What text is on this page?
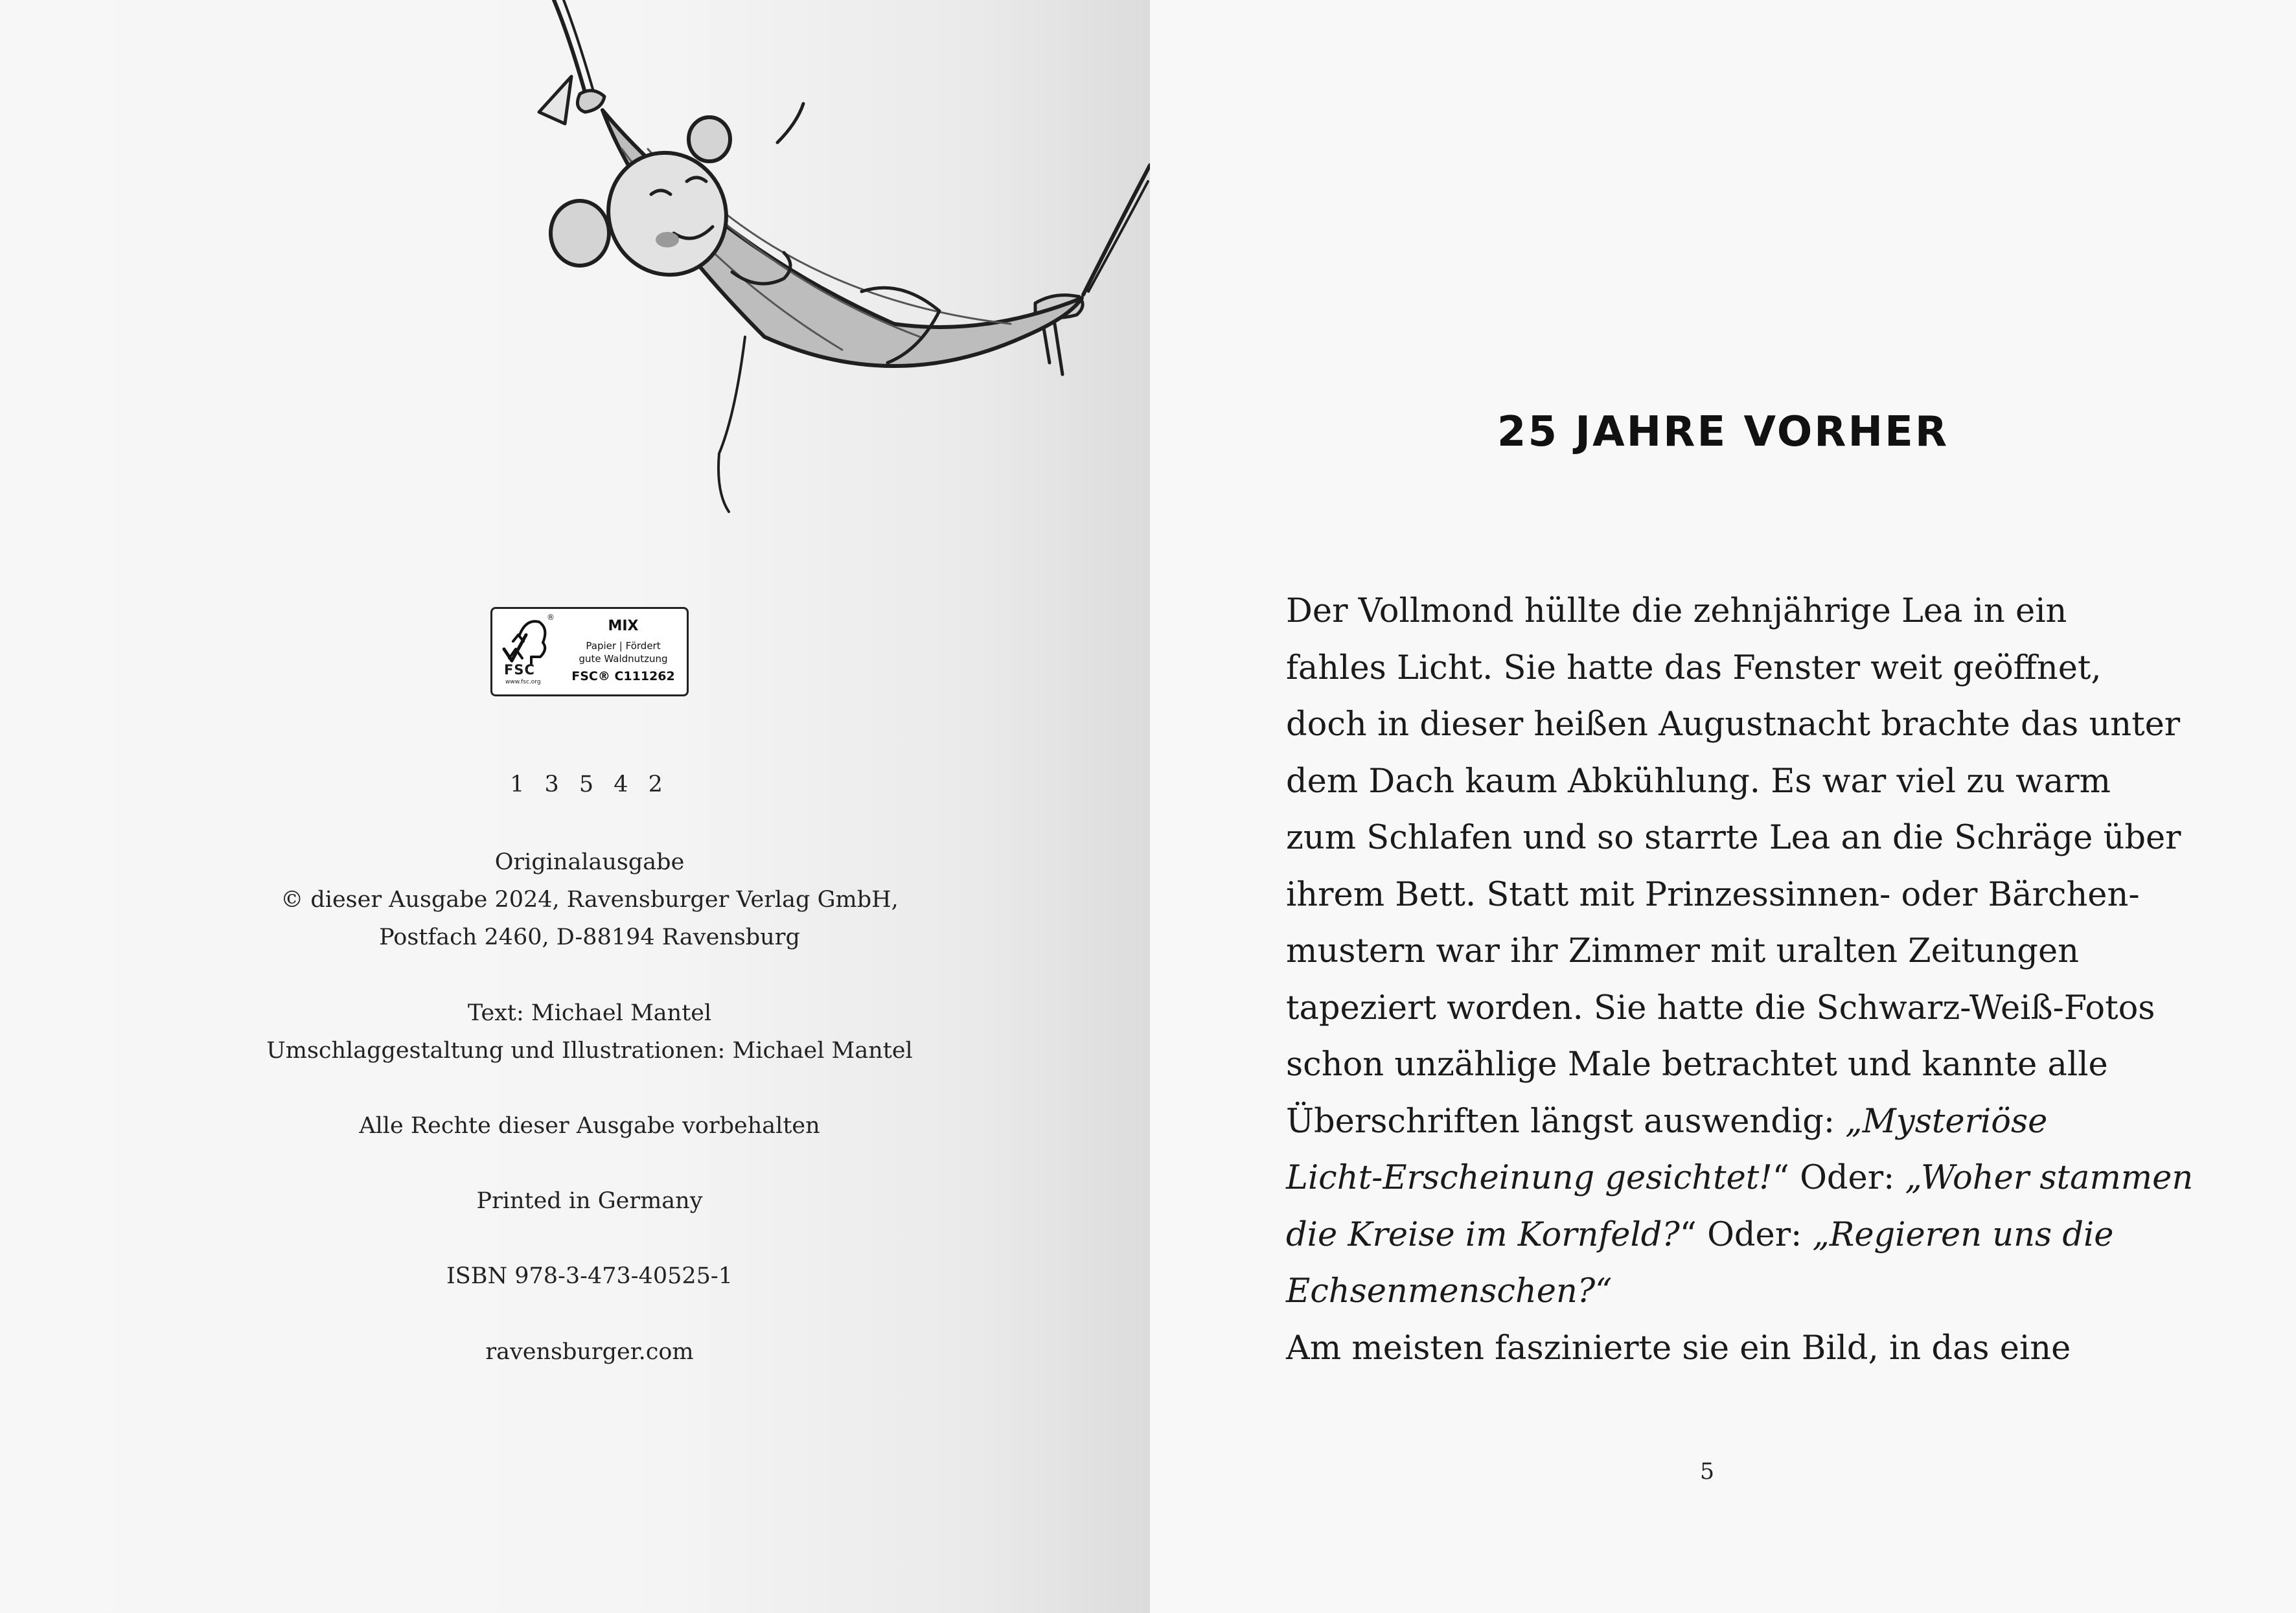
®
FSC
www.fsc.org
MIX
Papier | Fördert
gute Waldnutzung
FSC® C111262
1 3 5 4 2
Originalausgabe
© dieser Ausgabe 2024, Ravensburger Verlag GmbH,
Postfach 2460, D-88194 Ravensburg
Text: Michael Mantel
Umschlaggestaltung und Illustrationen: Michael Mantel
Alle Rechte dieser Ausgabe vorbehalten
Printed in Germany
ISBN 978-3-473-40525-1
ravensburger.com
25 JAHRE VORHER
Der Vollmond hüllte die zehnjährige Lea in ein
fahles Licht. Sie hatte das Fenster weit geöffnet,
doch in dieser heißen Augustnacht brachte das unter
dem Dach kaum Abkühlung. Es war viel zu warm
zum Schlafen und so starrte Lea an die Schräge über
ihrem Bett. Statt mit Prinzessinnen- oder Bärchen-
mustern war ihr Zimmer mit uralten Zeitungen
tapeziert worden. Sie hatte die Schwarz-Weiß-Fotos
schon unzählige Male betrachtet und kannte alle
Überschriften längst auswendig: „Mysteriöse
Licht-Erscheinung gesichtet!“ Oder: „Woher stammen
die Kreise im Kornfeld?“ Oder: „Regieren uns die
Echsenmenschen?“
Am meisten faszinierte sie ein Bild, in das eine
5
